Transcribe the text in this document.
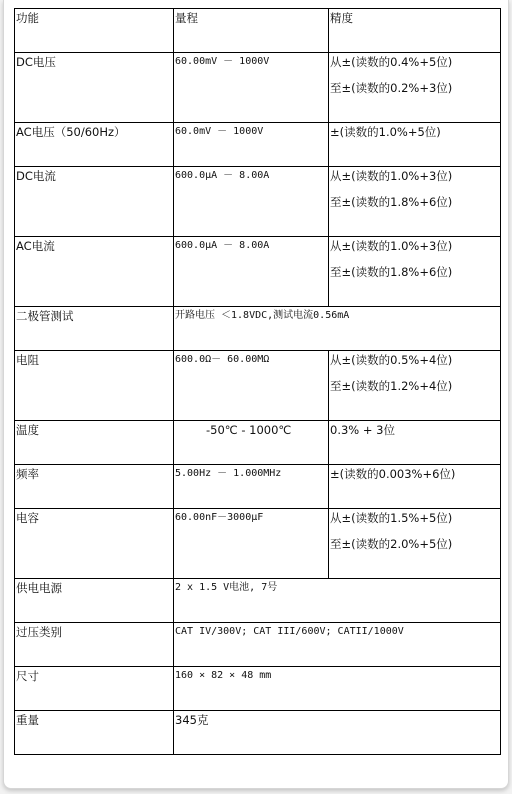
功能	量程	精度
DC电压	60.00mV － 1000V	从±(读数的0.4%+5位)
至±(读数的0.2%+3位)

AC电压（50/60Hz）	60.0mV － 1000V	±(读数的1.0%+5位)
DC电流	600.0μA － 8.00A	从±(读数的1.0%+3位)
至±(读数的1.8%+6位)

AC电流	600.0μA － 8.00A	从±(读数的1.0%+3位)
至±(读数的1.8%+6位)

二极管测试	开路电压 ＜1.8VDC,测试电流0.56mA	
电阻	600.0Ω－ 60.00MΩ	从±(读数的0.5%+4位)
至±(读数的1.2%+4位)

温度	-50℃ - 1000℃	0.3% + 3位
频率	5.00Hz － 1.000MHz	±(读数的0.003%+6位)
电容	60.00nF－3000μF	从±(读数的1.5%+5位)
至±(读数的2.0%+5位)

供电电源	2 x 1.5 V电池, 7号	
过压类别	CAT IV/300V; CAT III/600V; CATII/1000V	
尺寸	160 × 82 × 48 mm	
重量	345克	
